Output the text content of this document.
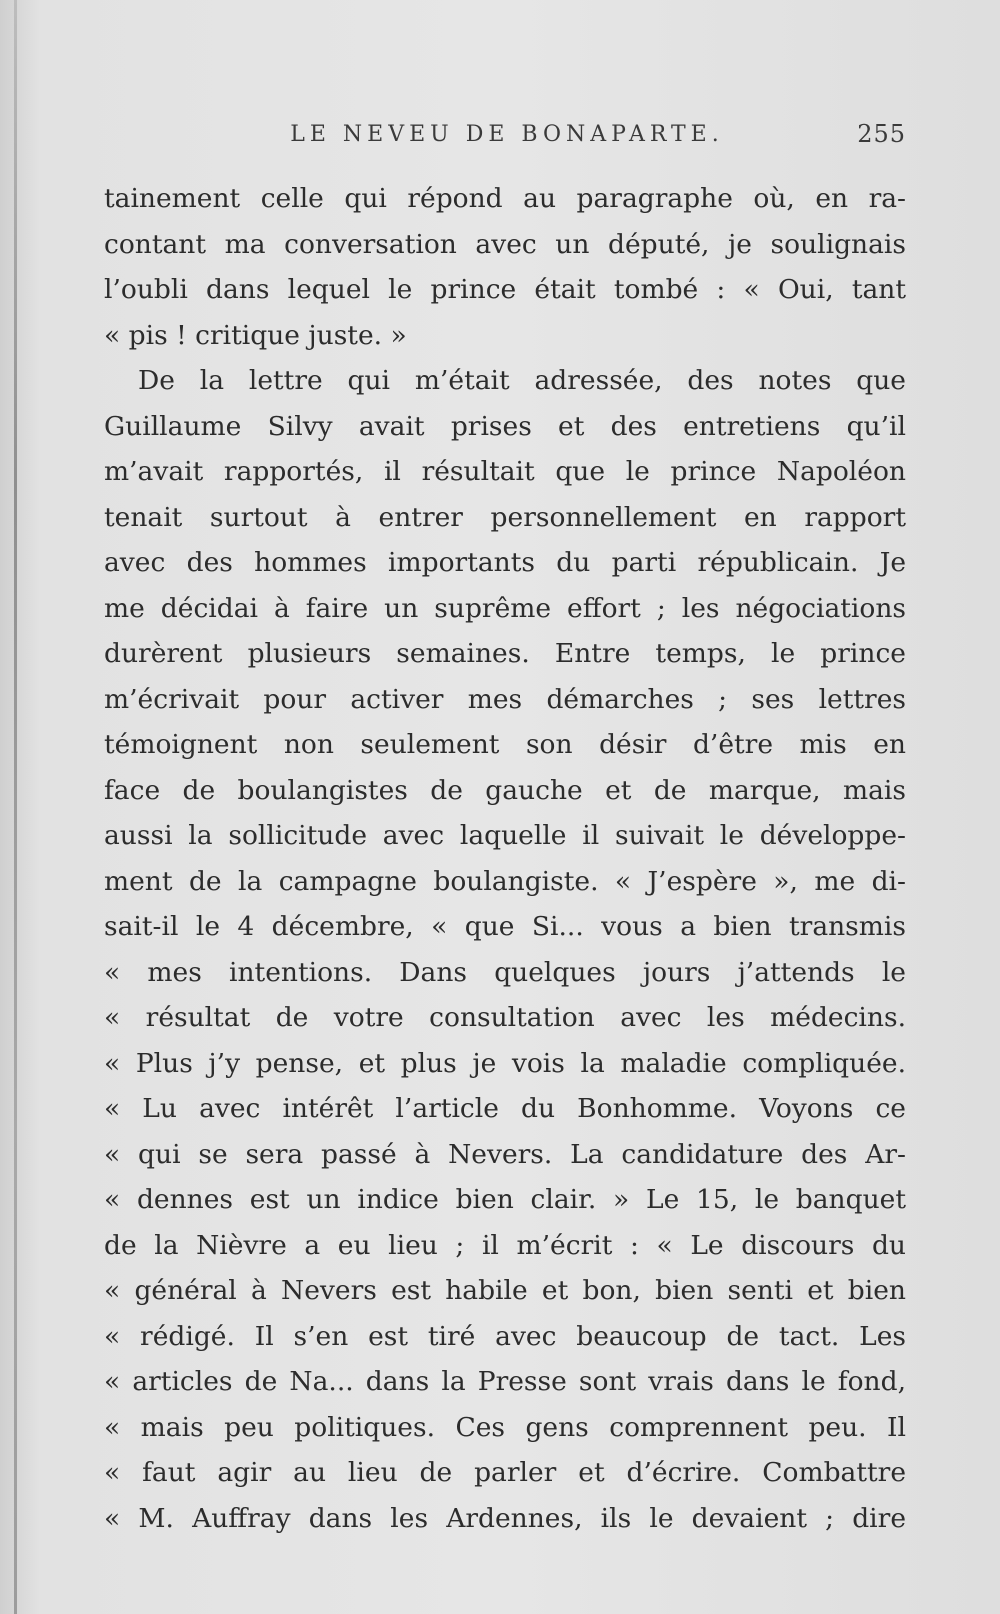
LE NEVEU DE BONAPARTE.	255
tainement celle qui répond au paragraphe où, en ra-
contant ma conversation avec un député, je soulignais
l’oubli dans lequel le prince était tombé : « Oui, tant
« pis ! critique juste. »
De la lettre qui m’était adressée, des notes que
Guillaume Silvy avait prises et des entretiens qu’il
m’avait rapportés, il résultait que le prince Napoléon
tenait surtout à entrer personnellement en rapport
avec des hommes importants du parti républicain. Je
me décidai à faire un suprême effort ; les négociations
durèrent plusieurs semaines. Entre temps, le prince
m’écrivait pour activer mes démarches ; ses lettres
témoignent non seulement son désir d’être mis en
face de boulangistes de gauche et de marque, mais
aussi la sollicitude avec laquelle il suivait le développe-
ment de la campagne boulangiste. « J’espère », me di-
sait-il le 4 décembre, « que Si... vous a bien transmis
« mes intentions. Dans quelques jours j’attends le
« résultat de votre consultation avec les médecins.
« Plus j’y pense, et plus je vois la maladie compliquée.
« Lu avec intérêt l’article du Bonhomme. Voyons ce
« qui se sera passé à Nevers. La candidature des Ar-
« dennes est un indice bien clair. » Le 15, le banquet
de la Nièvre a eu lieu ; il m’écrit : « Le discours du
« général à Nevers est habile et bon, bien senti et bien
« rédigé. Il s’en est tiré avec beaucoup de tact. Les
« articles de Na... dans la Presse sont vrais dans le fond,
« mais peu politiques. Ces gens comprennent peu. Il
« faut agir au lieu de parler et d’écrire. Combattre
« M. Auffray dans les Ardennes, ils le devaient ; dire
